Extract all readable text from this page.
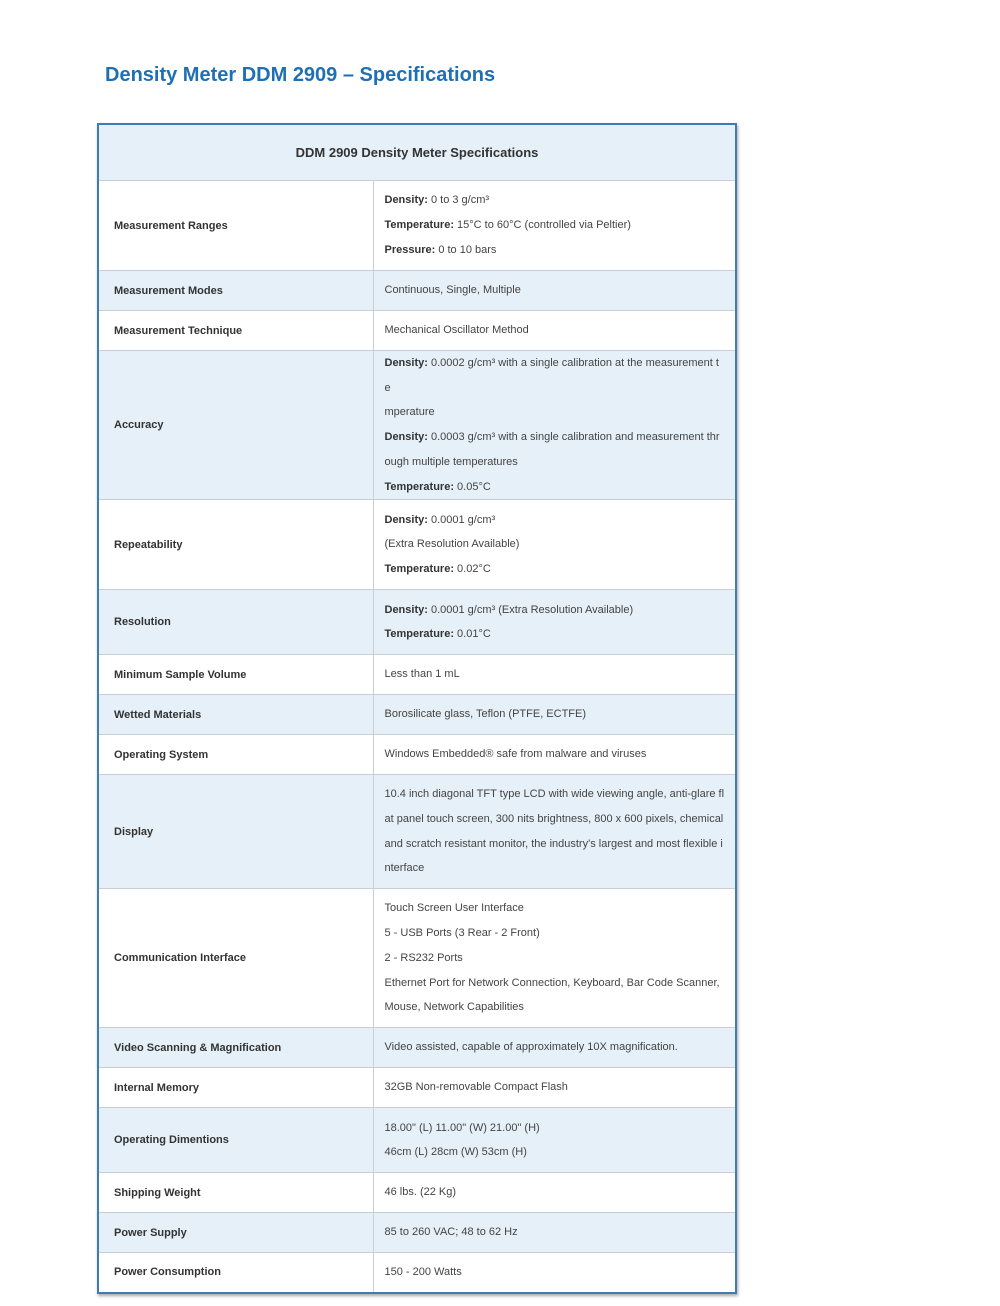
Density Meter DDM 2909 – Specifications
DDM 2909 Density Meter Specifications	
Measurement Ranges	Density: 0 to 3 g/cm³
Temperature: 15°C to 60°C (controlled via Peltier)
Pressure: 0 to 10 bars

Measurement Modes	Continuous, Single, Multiple

Measurement Technique	Mechanical Oscillator Method

Accuracy	Density: 0.0002 g/cm³ with a single calibration at the measurement te
mperature
Density: 0.0003 g/cm³ with a single calibration and measurement thr
ough multiple temperatures
Temperature: 0.05°C

Repeatability	Density: 0.0001 g/cm³
(Extra Resolution Available)
Temperature: 0.02°C

Resolution	Density: 0.0001 g/cm³ (Extra Resolution Available)
Temperature: 0.01°C

Minimum Sample Volume	Less than 1 mL

Wetted Materials	Borosilicate glass, Teflon (PTFE, ECTFE)

Operating System	Windows Embedded® safe from malware and viruses

Display	10.4 inch diagonal TFT type LCD with wide viewing angle, anti-glare fl
at panel touch screen, 300 nits brightness, 800 x 600 pixels, chemical
and scratch resistant monitor, the industry's largest and most flexible i
nterface

Communication Interface	Touch Screen User Interface
5 - USB Ports (3 Rear - 2 Front)
2 - RS232 Ports
Ethernet Port for Network Connection, Keyboard, Bar Code Scanner,
Mouse, Network Capabilities

Video Scanning & Magnification	Video assisted, capable of approximately 10X magnification.

Internal Memory	32GB Non-removable Compact Flash

Operating Dimentions	18.00" (L) 11.00" (W) 21.00" (H)
46cm (L) 28cm (W) 53cm (H)

Shipping Weight	46 lbs. (22 Kg)

Power Supply	85 to 260 VAC; 48 to 62 Hz

Power Consumption	150 - 200 Watts
